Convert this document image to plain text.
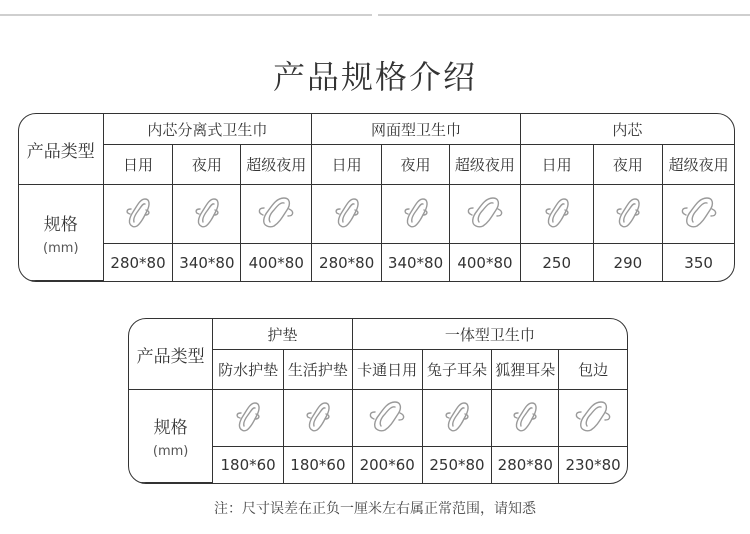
产品规格介绍
产品类型	内芯分离式卫生巾			网面型卫生巾			内芯		
	日用	夜用	超级夜用	日用	夜用	超级夜用	日用	夜用	超级夜用

规格
(mm)

	280*80	340*80	400*80	280*80	340*80	400*80	250	290	350
产品类型	护垫		一体型卫生巾			
	防水护垫	生活护垫	卡通日用	兔子耳朵	狐狸耳朵	包边

规格
(mm)

	180*60	180*60	200*60	250*80	280*80	230*80
注：尺寸误差在正负一厘米左右属正常范围，请知悉
